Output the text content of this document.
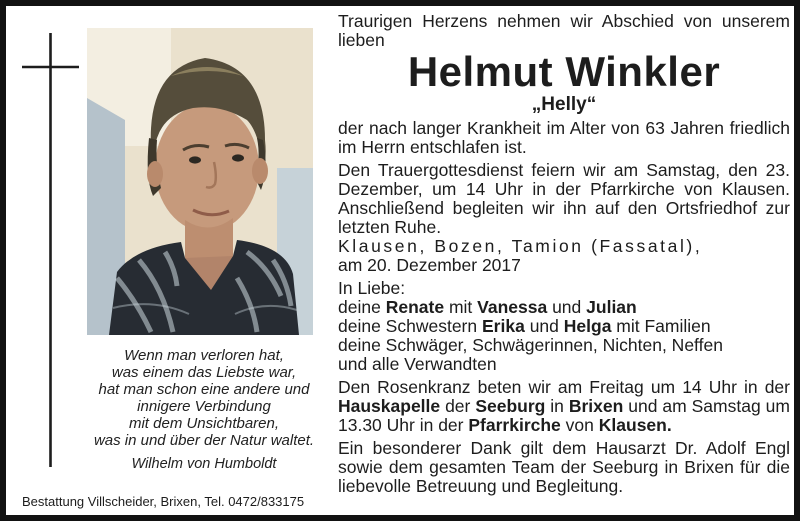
Wenn man verloren hat,
was einem das Liebste war,
hat man schon eine andere und
innigere Verbindung
mit dem Unsichtbaren,
was in und über der Natur waltet.
Wilhelm von Humboldt
Bestattung Villscheider, Brixen, Tel. 0472/833175

Traurigen Herzens nehmen wir Abschied von unserem lieben

Helmut Winkler

„Helly“

der nach langer Krankheit im Alter von 63 Jahren friedlich im Herrn entschlafen ist.

Den Trauergottesdienst feiern wir am Samstag, den 23. Dezember, um 14 Uhr in der Pfarrkirche von Klausen. Anschließend begleiten wir ihn auf den Ortsfriedhof zur letzten Ruhe.

Klausen, Bozen, Tamion (Fassatal),

am 20. Dezember 2017

In Liebe:

deine Renate mit Vanessa und Julian

deine Schwestern Erika und Helga mit Familien

deine Schwäger, Schwägerinnen, Nichten, Neffen

und alle Verwandten

Den Rosenkranz beten wir am Freitag um 14 Uhr in der Hauskapelle der Seeburg in Brixen und am Samstag um 13.30 Uhr in der Pfarrkirche von Klausen.

Ein besonderer Dank gilt dem Hausarzt Dr. Adolf Engl sowie dem gesamten Team der Seeburg in Brixen für die liebevolle Betreuung und Begleitung.
